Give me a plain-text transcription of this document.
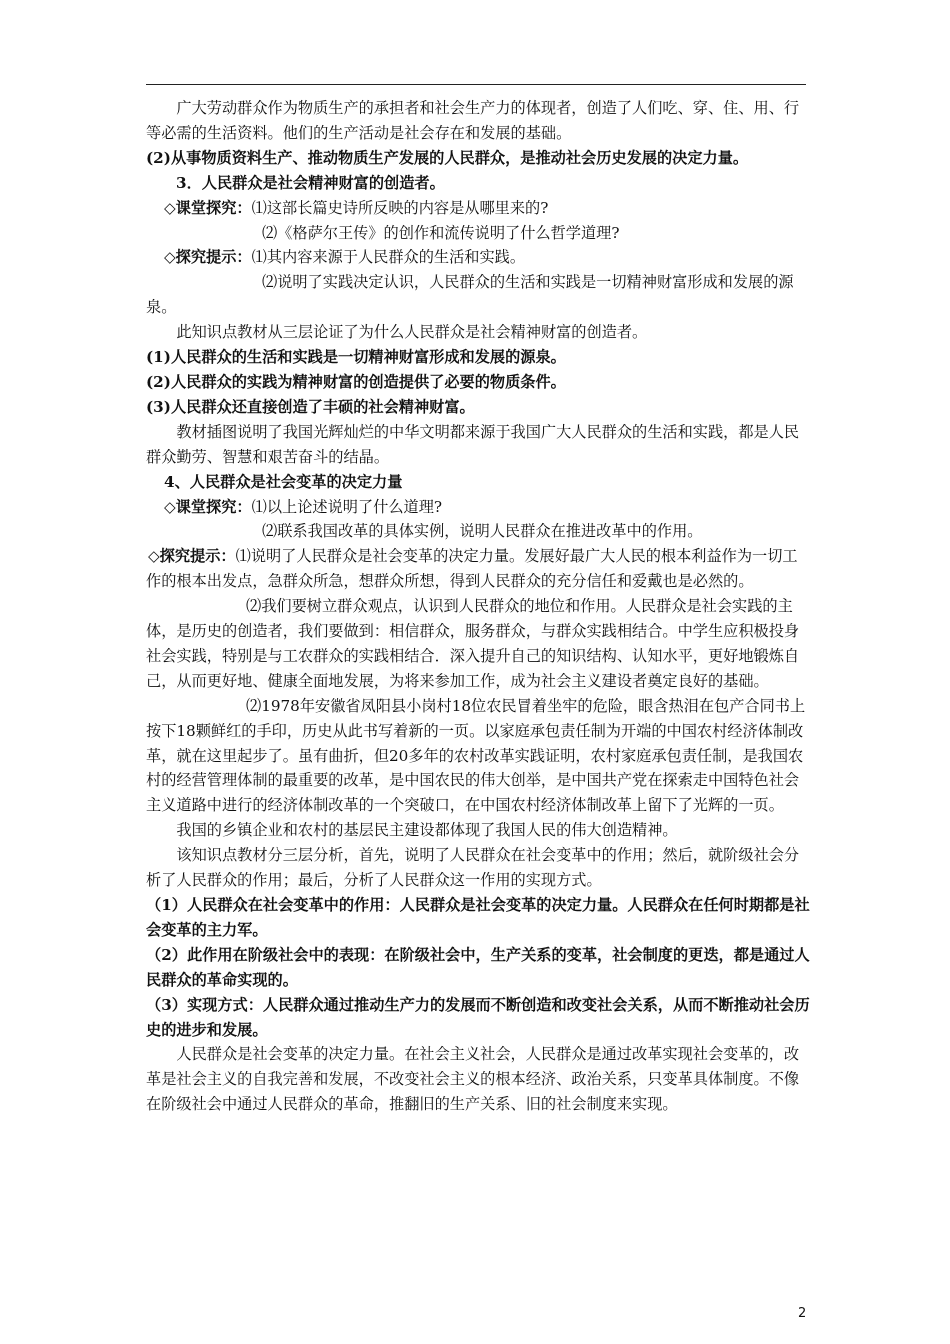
广大劳动群众作为物质生产的承担者和社会生产力的体现者，创造了人们吃、穿、住、用、行等必需的生活资料。他们的生产活动是社会存在和发展的基础。

(2)从事物质资料生产、推动物质生产发展的人民群众，是推动社会历史发展的决定力量。

3．人民群众是社会精神财富的创造者。

◇课堂探究：⑴这部长篇史诗所反映的内容是从哪里来的?

⑵《格萨尔王传》的创作和流传说明了什么哲学道理?

◇探究提示：⑴其内容来源于人民群众的生活和实践。

⑵说明了实践决定认识，人民群众的生活和实践是一切精神财富形成和发展的源泉。

此知识点教材从三层论证了为什么人民群众是社会精神财富的创造者。

(1)人民群众的生活和实践是一切精神财富形成和发展的源泉。

(2)人民群众的实践为精神财富的创造提供了必要的物质条件。

(3)人民群众还直接创造了丰硕的社会精神财富。

教材插图说明了我国光辉灿烂的中华文明都来源于我国广大人民群众的生活和实践，都是人民群众勤劳、智慧和艰苦奋斗的结晶。

4、人民群众是社会变革的决定力量

◇课堂探究：⑴以上论述说明了什么道理?

⑵联系我国改革的具体实例，说明人民群众在推进改革中的作用。

◇探究提示：⑴说明了人民群众是社会变革的决定力量。发展好最广大人民的根本利益作为一切工作的根本出发点，急群众所急，想群众所想，得到人民群众的充分信任和爱戴也是必然的。

⑵我们要树立群众观点，认识到人民群众的地位和作用。人民群众是社会实践的主体，是历史的创造者，我们要做到：相信群众，服务群众，与群众实践相结合。中学生应积极投身社会实践，特别是与工农群众的实践相结合．深入提升自己的知识结构、认知水平，更好地锻炼自己，从而更好地、健康全面地发展，为将来参加工作，成为社会主义建设者奠定良好的基础。

⑵1978年安徽省凤阳县小岗村18位农民冒着坐牢的危险，眼含热泪在包产合同书上按下18颗鲜红的手印，历史从此书写着新的一页。以家庭承包责任制为开端的中国农村经济体制改革，就在这里起步了。虽有曲折，但20多年的农村改革实践证明，农村家庭承包责任制，是我国农村的经营管理体制的最重要的改革，是中国农民的伟大创举，是中国共产党在探索走中国特色社会主义道路中进行的经济体制改革的一个突破口，在中国农村经济体制改革上留下了光辉的一页。

我国的乡镇企业和农村的基层民主建设都体现了我国人民的伟大创造精神。

该知识点教材分三层分析，首先，说明了人民群众在社会变革中的作用；然后，就阶级社会分析了人民群众的作用；最后，分析了人民群众这一作用的实现方式。

（1）人民群众在社会变革中的作用：人民群众是社会变革的决定力量。人民群众在任何时期都是社会变革的主力军。

（2）此作用在阶级社会中的表现：在阶级社会中，生产关系的变革，社会制度的更迭，都是通过人民群众的革命实现的。

（3）实现方式：人民群众通过推动生产力的发展而不断创造和改变社会关系，从而不断推动社会历史的进步和发展。

人民群众是社会变革的决定力量。在社会主义社会，人民群众是通过改革实现社会变革的，改革是社会主义的自我完善和发展，不改变社会主义的根本经济、政治关系，只变革具体制度。不像在阶级社会中通过人民群众的革命，推翻旧的生产关系、旧的社会制度来实现。

2
